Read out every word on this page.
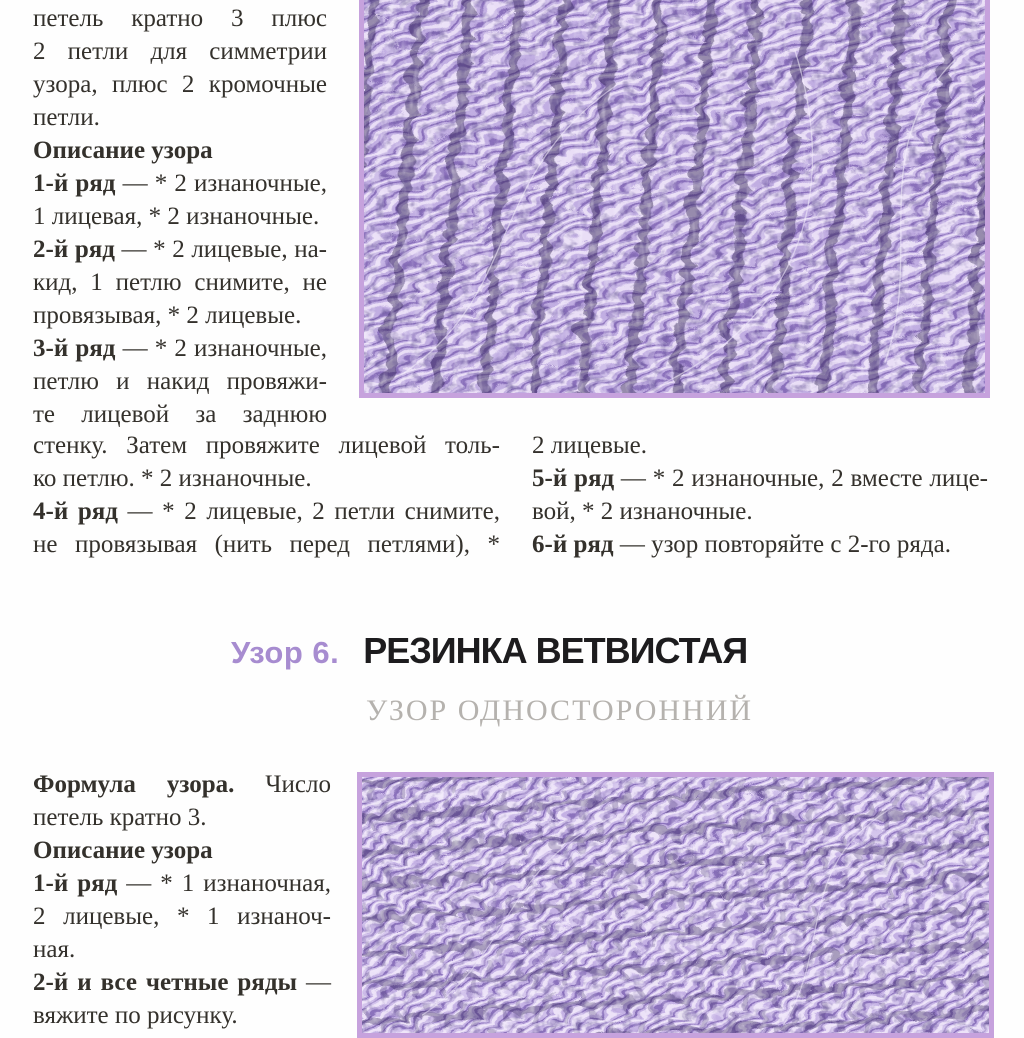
петель кратно 3 плюс
2 петли для симметрии
узора, плюс 2 кромочные
петли.
Описание узора
1-й ряд — * 2 изнаночные,
1 лицевая, * 2 изнаночные.
2-й ряд — * 2 лицевые, на-
кид, 1 петлю снимите, не
провязывая, * 2 лицевые.
3-й ряд — * 2 изнаночные,
петлю и накид провяжи-
те лицевой за заднюю
стенку. Затем провяжите лицевой толь-
ко петлю. * 2 изнаночные.
4-й ряд — * 2 лицевые, 2 петли снимите,
не провязывая (нить перед петлями), *
2 лицевые.
5-й ряд — * 2 изнаночные, 2 вместе лице-
вой, * 2 изнаночные.
6-й ряд — узор повторяйте с 2-го ряда.
Узор 6. РЕЗИНКА ВЕТВИСТАЯ
УЗОР ОДНОСТОРОННИЙ
Формула узора. Число
петель кратно 3.
Описание узора
1-й ряд — * 1 изнаночная,
2 лицевые, * 1 изнаноч-
ная.
2-й и все четные ряды —
вяжите по рисунку.
